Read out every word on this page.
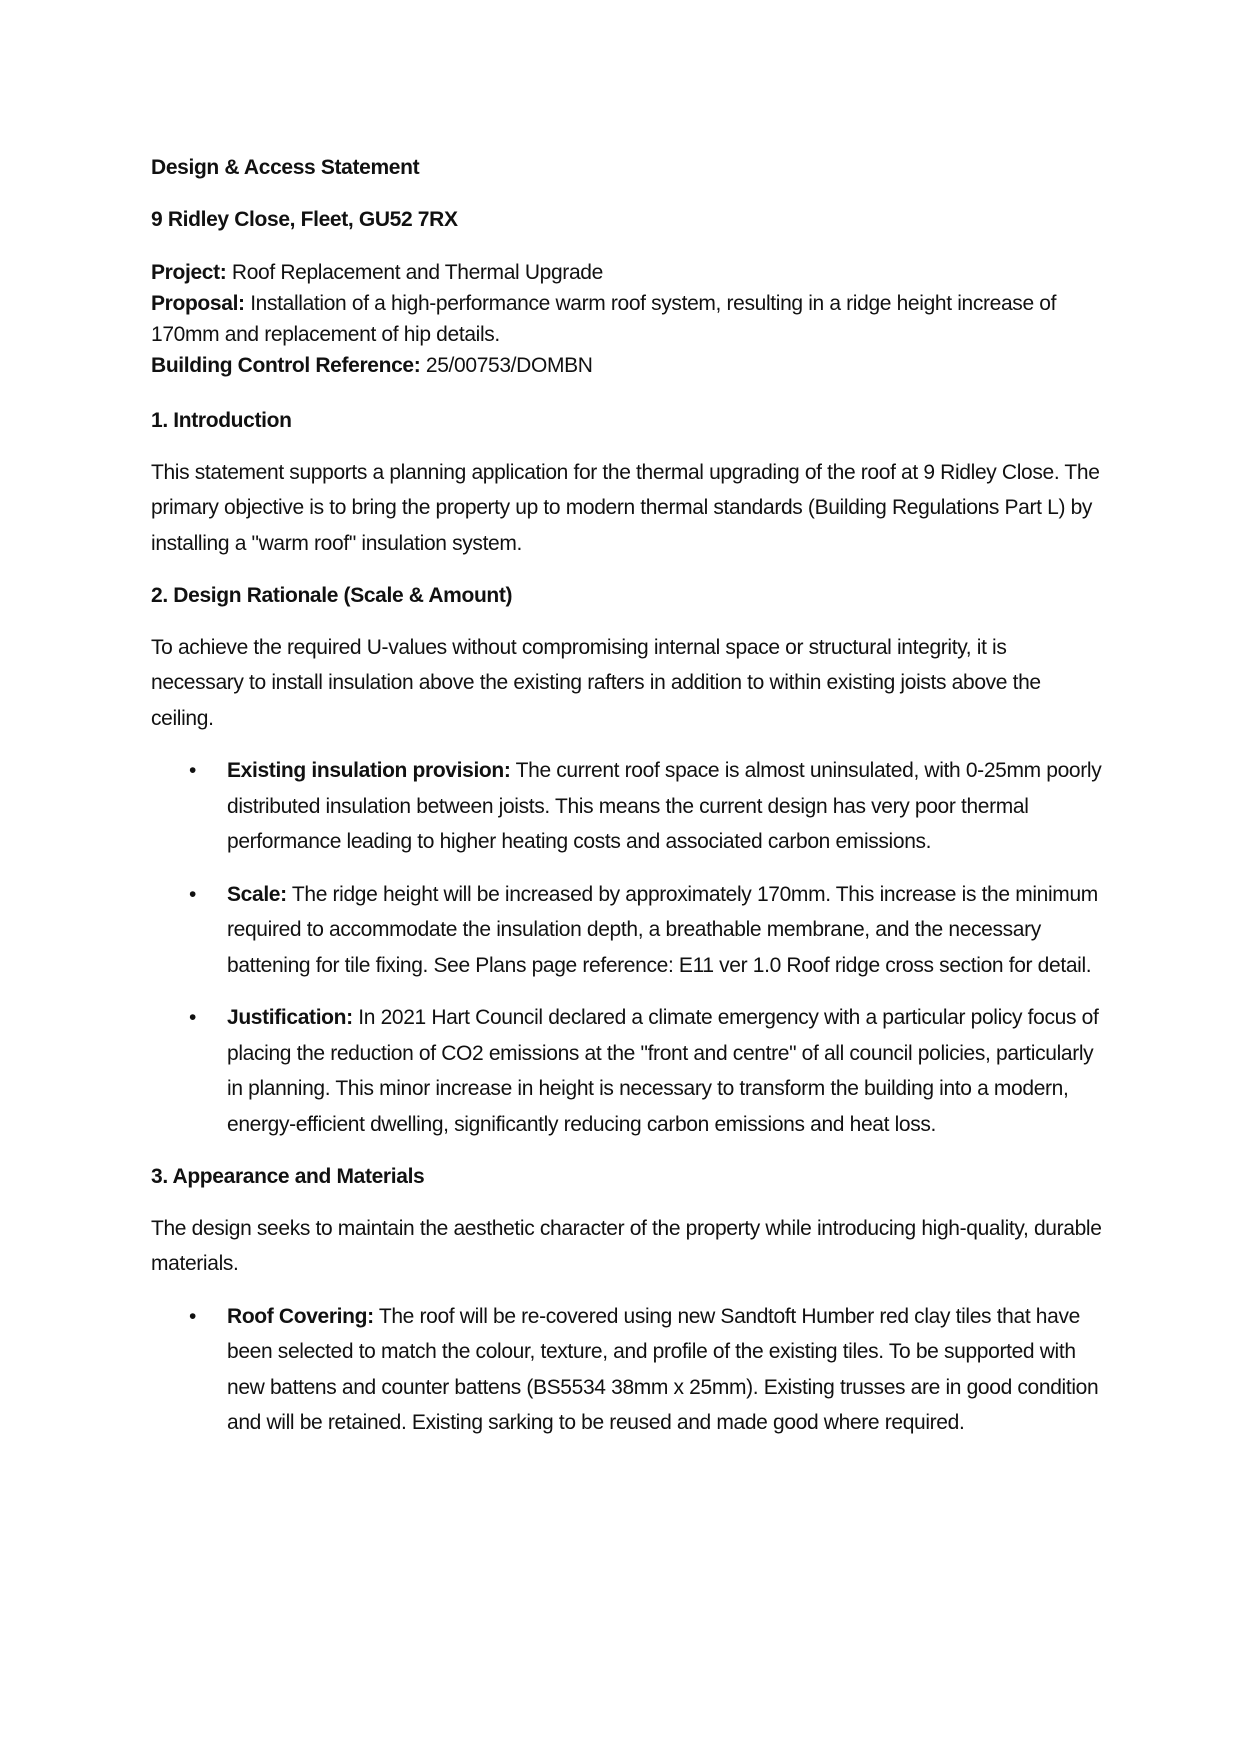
Design & Access Statement
9 Ridley Close, Fleet, GU52 7RX
Project: Roof Replacement and Thermal Upgrade
Proposal: Installation of a high-performance warm roof system, resulting in a ridge height increase of 170mm and replacement of hip details.
Building Control Reference: 25/00753/DOMBN
1. Introduction

This statement supports a planning application for the thermal upgrading of the roof at 9 Ridley Close. The primary objective is to bring the property up to modern thermal standards (Building Regulations Part L) by installing a "warm roof" insulation system.

2. Design Rationale (Scale & Amount)

To achieve the required U-values without compromising internal space or structural integrity, it is necessary to install insulation above the existing rafters in addition to within existing joists above the ceiling.

• Existing insulation provision: The current roof space is almost uninsulated, with 0-25mm poorly distributed insulation between joists. This means the current design has very poor thermal performance leading to higher heating costs and associated carbon emissions.
• Scale: The ridge height will be increased by approximately 170mm. This increase is the minimum required to accommodate the insulation depth, a breathable membrane, and the necessary battening for tile fixing. See Plans page reference: E11 ver 1.0 Roof ridge cross section for detail.
• Justification: In 2021 Hart Council declared a climate emergency with a particular policy focus of placing the reduction of CO2 emissions at the "front and centre" of all council policies, particularly in planning. This minor increase in height is necessary to transform the building into a modern, energy-efficient dwelling, significantly reducing carbon emissions and heat loss.
3. Appearance and Materials

The design seeks to maintain the aesthetic character of the property while introducing high-quality, durable materials.

• Roof Covering: The roof will be re-covered using new Sandtoft Humber red clay tiles that have been selected to match the colour, texture, and profile of the existing tiles. To be supported with new battens and counter battens (BS5534 38mm x 25mm). Existing trusses are in good condition and will be retained. Existing sarking to be reused and made good where required.
